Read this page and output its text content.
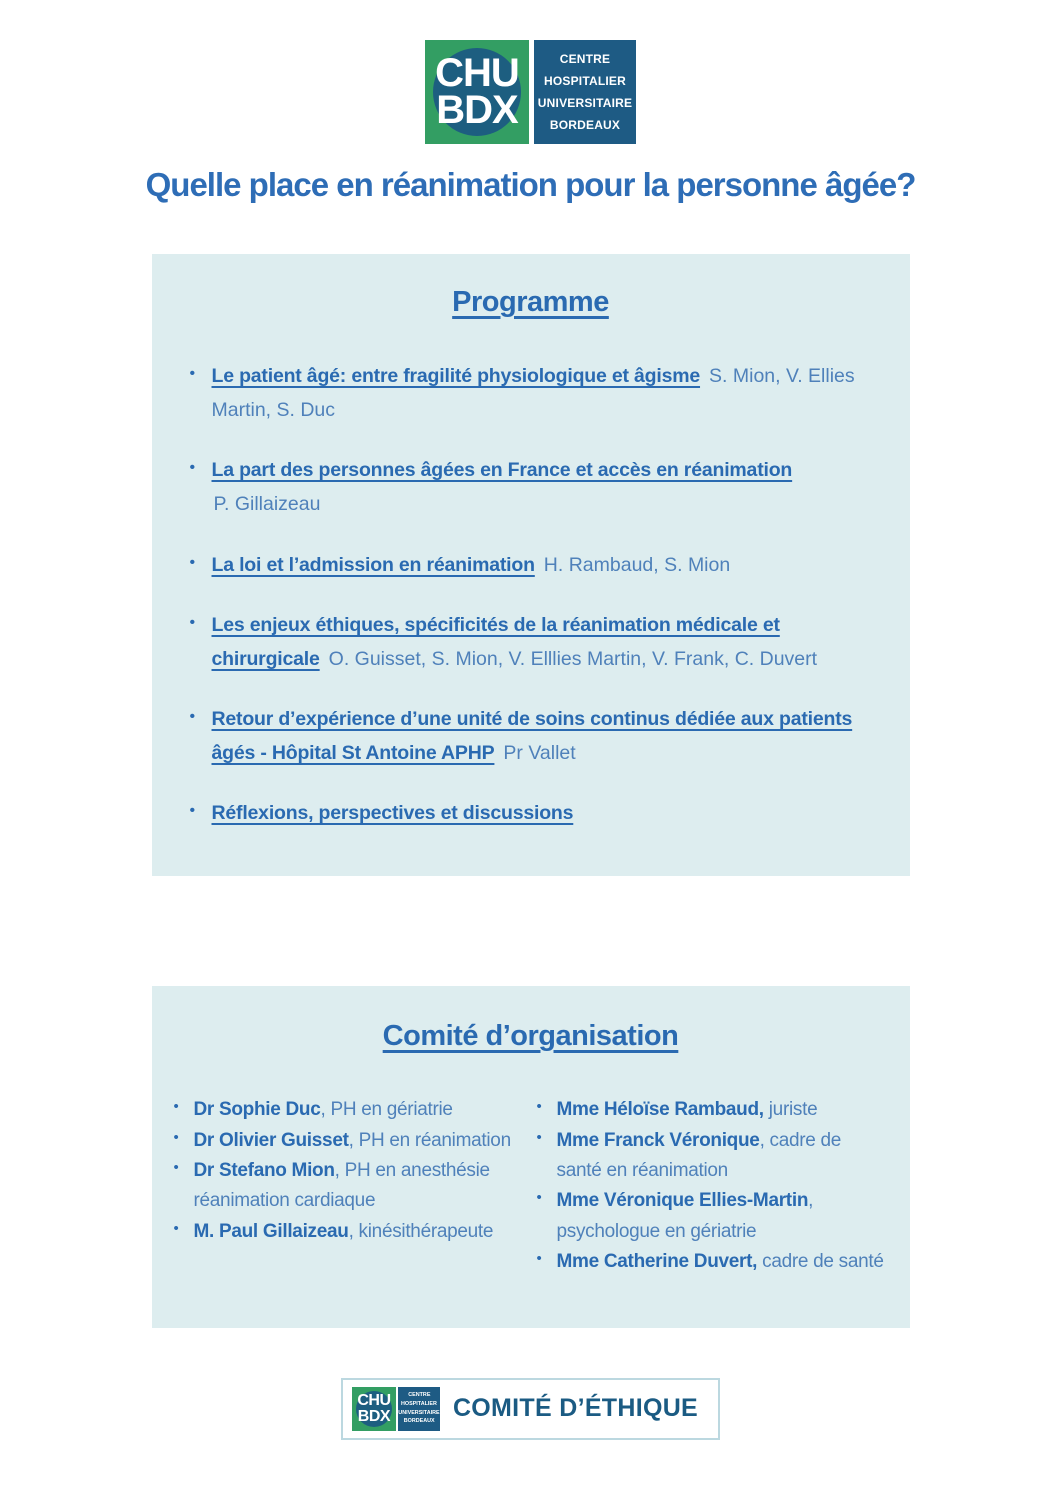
CHU
BDX
CENTRE
HOSPITALIER
UNIVERSITAIRE
BORDEAUX
Quelle place en réanimation pour la personne âgée?
Programme
• Le patient âgé: entre fragilité physiologique et âgisme S. Mion, V. Ellies Martin, S. Duc
• La part des personnes âgées en France et accès en réanimation
P. Gillaizeau
• La loi et l’admission en réanimation H. Rambaud, S. Mion
• Les enjeux éthiques, spécificités de la réanimation médicale et chirurgicale O. Guisset, S. Mion, V. Elllies Martin, V. Frank, C. Duvert
• Retour d’expérience d’une unité de soins continus dédiée aux patients âgés - Hôpital St Antoine APHP Pr Vallet
• Réflexions, perspectives et discussions
Comité d’organisation
• Dr Sophie Duc, PH en gériatrie
• Dr Olivier Guisset, PH en réanimation
• Dr Stefano Mion, PH en anesthésie réanimation cardiaque
• M. Paul Gillaizeau, kinésithérapeute
• Mme Héloïse Rambaud, juriste
• Mme Franck Véronique, cadre de santé en réanimation
• Mme Véronique Ellies-Martin, psychologue en gériatrie
• Mme Catherine Duvert, cadre de santé
CHU
BDX
CENTRE
HOSPITALIER
UNIVERSITAIRE
BORDEAUX COMITÉ D’ÉTHIQUE
